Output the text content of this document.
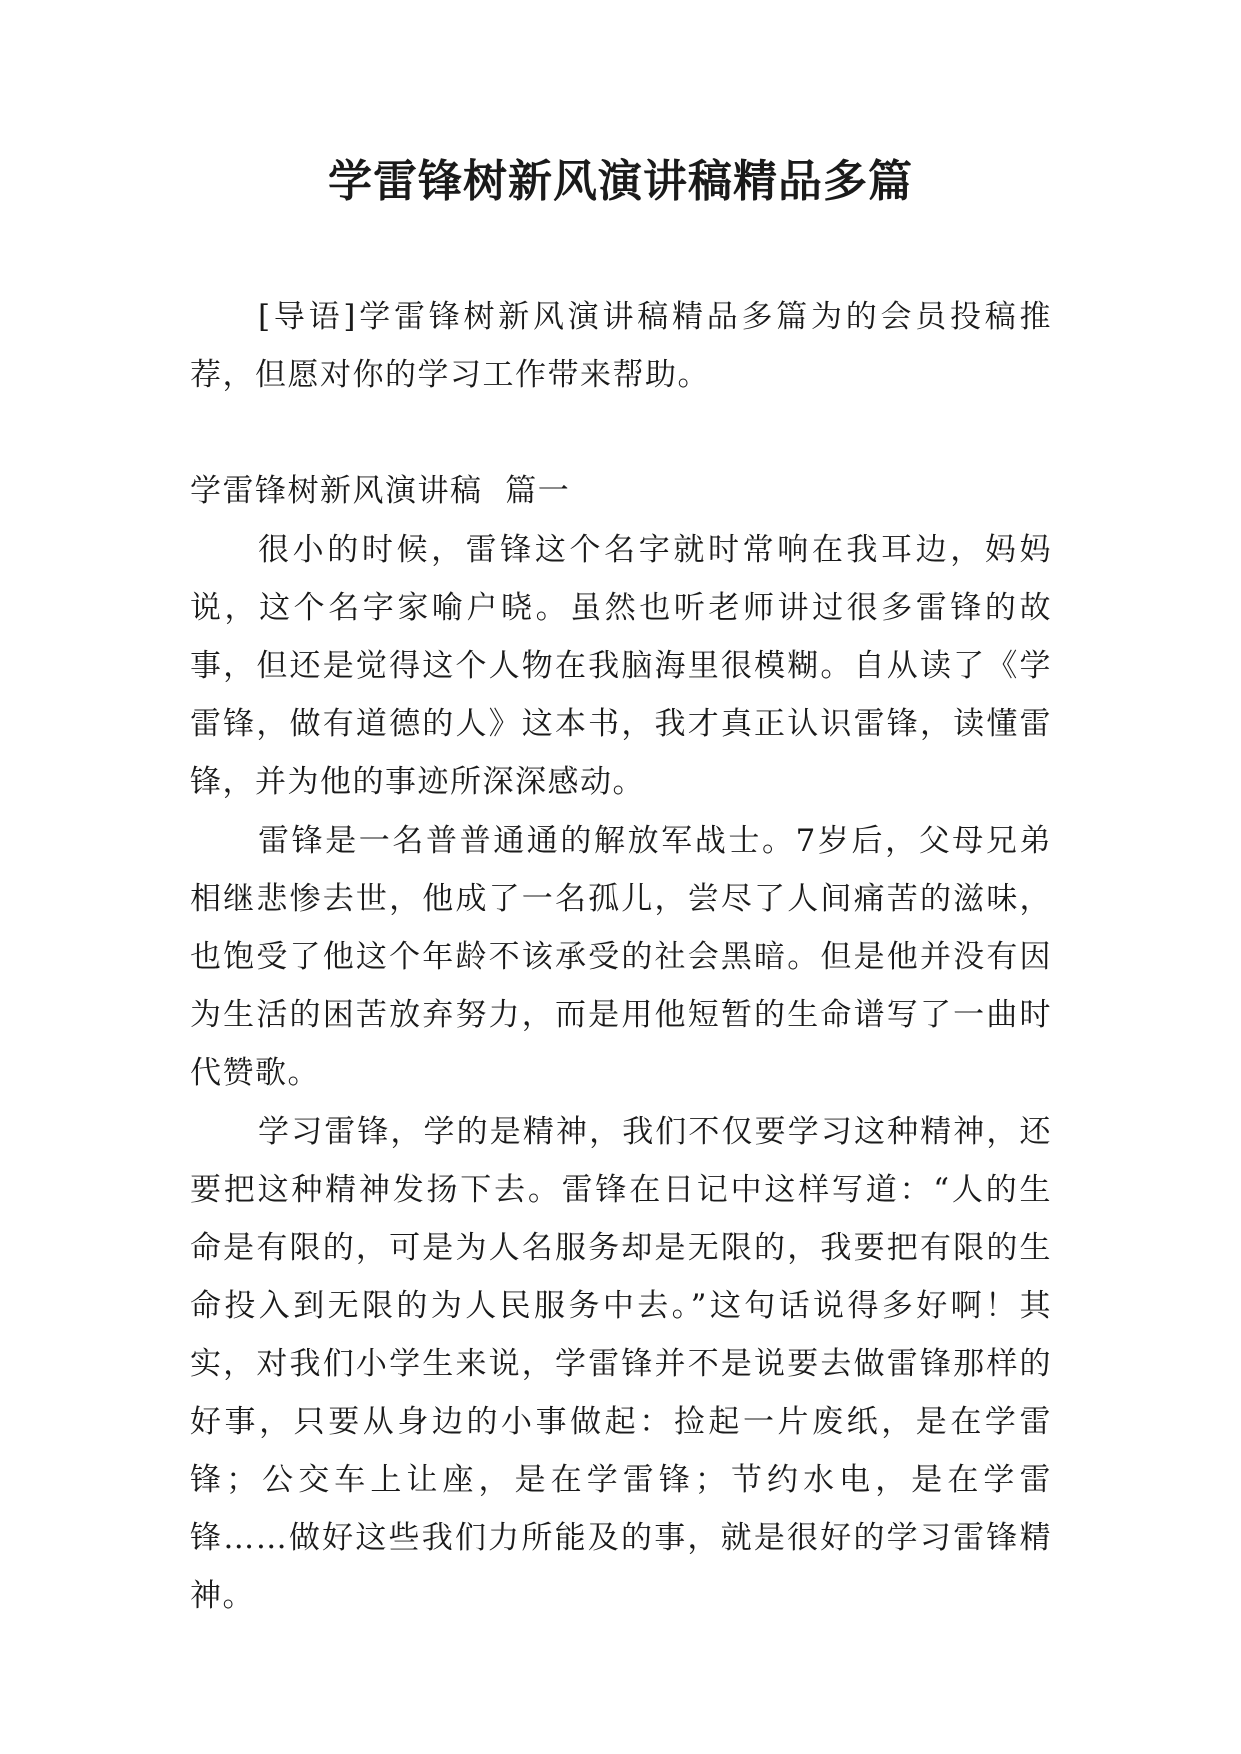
学雷锋树新风演讲稿精品多篇

[导语]学雷锋树新风演讲稿精品多篇为的会员投稿推荐，但愿对你的学习工作带来帮助。

学雷锋树新风演讲稿  篇一

很小的时候，雷锋这个名字就时常响在我耳边，妈妈说，这个名字家喻户晓。虽然也听老师讲过很多雷锋的故事，但还是觉得这个人物在我脑海里很模糊。自从读了《学雷锋，做有道德的人》这本书，我才真正认识雷锋，读懂雷锋，并为他的事迹所深深感动。

雷锋是一名普普通通的解放军战士。7岁后，父母兄弟相继悲惨去世，他成了一名孤儿，尝尽了人间痛苦的滋味，也饱受了他这个年龄不该承受的社会黑暗。但是他并没有因为生活的困苦放弃努力，而是用他短暂的生命谱写了一曲时代赞歌。

学习雷锋，学的是精神，我们不仅要学习这种精神，还要把这种精神发扬下去。雷锋在日记中这样写道：“人的生命是有限的，可是为人名服务却是无限的，我要把有限的生命投入到无限的为人民服务中去。”这句话说得多好啊！其实，对我们小学生来说，学雷锋并不是说要去做雷锋那样的好事，只要从身边的小事做起：捡起一片废纸，是在学雷锋；公交车上让座，是在学雷锋；节约水电，是在学雷锋……做好这些我们力所能及的事，就是很好的学习雷锋精神。
